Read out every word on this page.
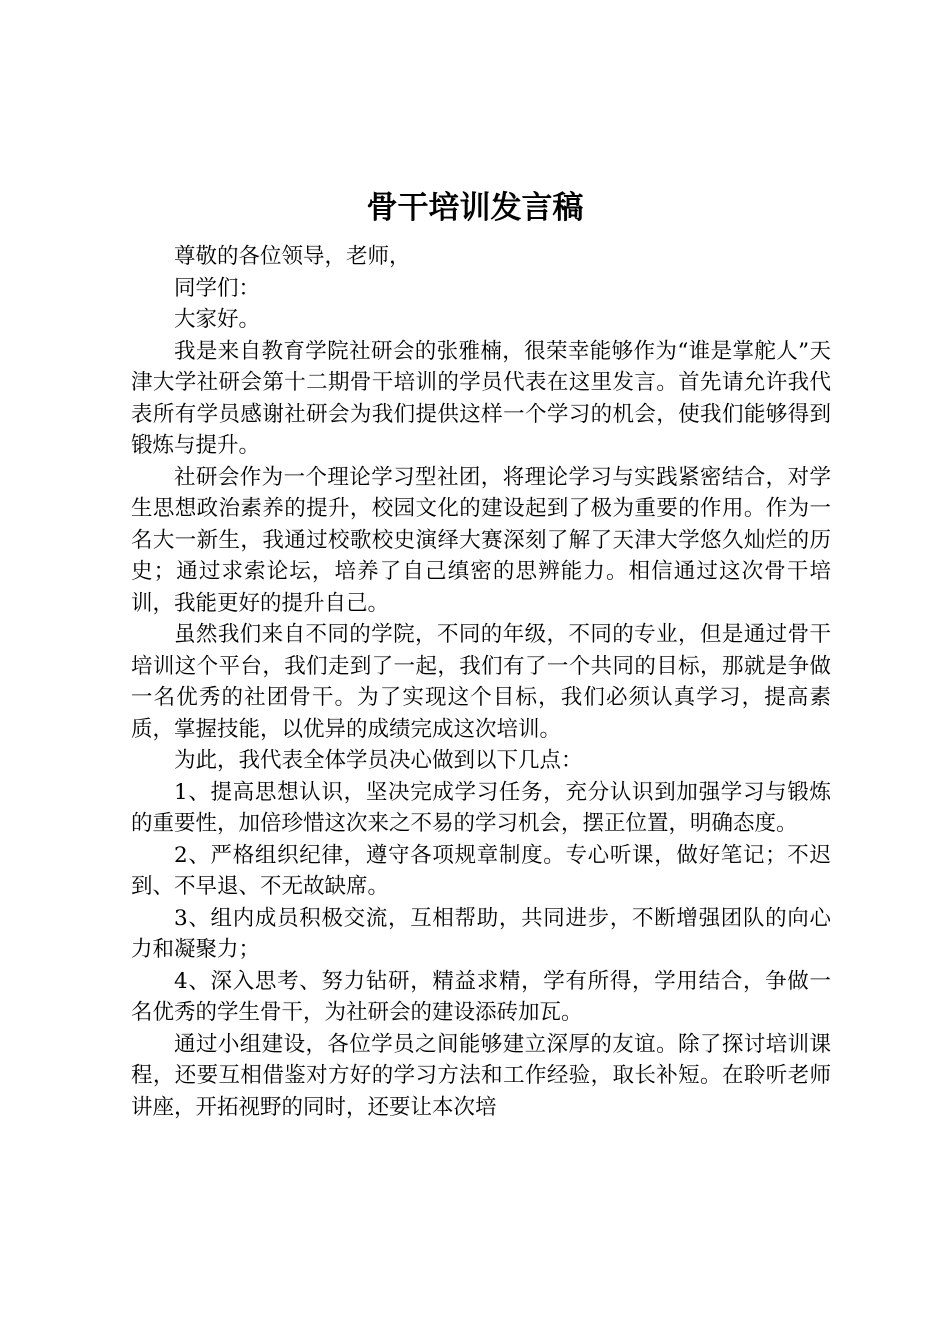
骨干培训发言稿

尊敬的各位领导，老师，

同学们：

大家好。

我是来自教育学院社研会的张雅楠，很荣幸能够作为“谁是掌舵人”天津大学社研会第十二期骨干培训的学员代表在这里发言。首先请允许我代表所有学员感谢社研会为我们提供这样一个学习的机会，使我们能够得到锻炼与提升。

社研会作为一个理论学习型社团，将理论学习与实践紧密结合，对学生思想政治素养的提升，校园文化的建设起到了极为重要的作用。作为一名大一新生，我通过校歌校史演绎大赛深刻了解了天津大学悠久灿烂的历史；通过求索论坛，培养了自己缜密的思辨能力。相信通过这次骨干培训，我能更好的提升自己。

虽然我们来自不同的学院，不同的年级，不同的专业，但是通过骨干培训这个平台，我们走到了一起，我们有了一个共同的目标，那就是争做一名优秀的社团骨干。为了实现这个目标，我们必须认真学习，提高素质，掌握技能，以优异的成绩完成这次培训。

为此，我代表全体学员决心做到以下几点：

1、提高思想认识，坚决完成学习任务，充分认识到加强学习与锻炼的重要性，加倍珍惜这次来之不易的学习机会，摆正位置，明确态度。

2、严格组织纪律，遵守各项规章制度。专心听课，做好笔记；不迟到、不早退、不无故缺席。

3、组内成员积极交流，互相帮助，共同进步，不断增强团队的向心力和凝聚力；

4、深入思考、努力钻研，精益求精，学有所得，学用结合，争做一名优秀的学生骨干，为社研会的建设添砖加瓦。

通过小组建设，各位学员之间能够建立深厚的友谊。除了探讨培训课程，还要互相借鉴对方好的学习方法和工作经验，取长补短。在聆听老师讲座，开拓视野的同时，还要让本次培
